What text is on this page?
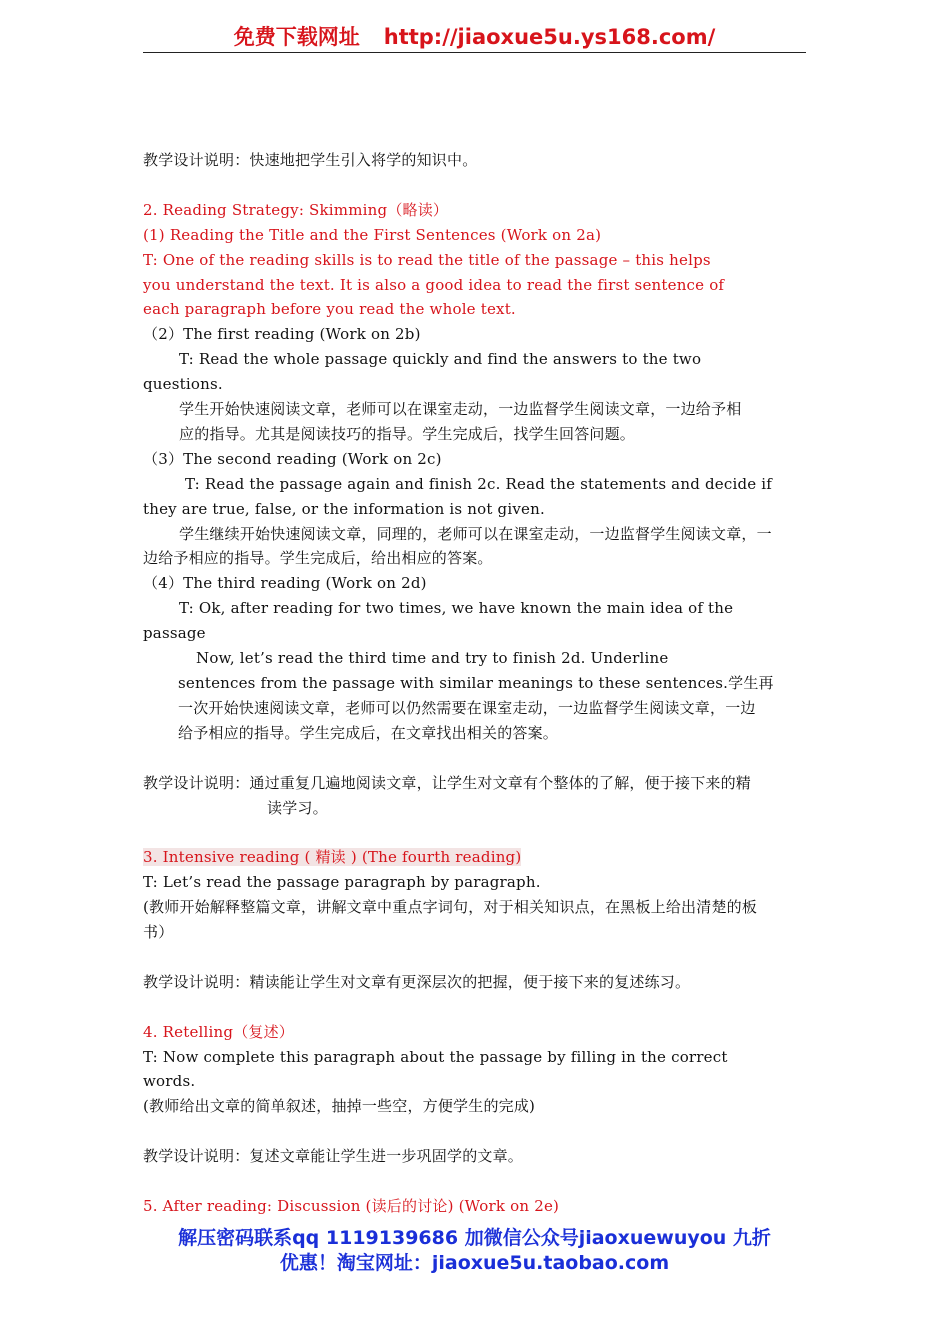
免费下载网址 http://jiaoxue5u.ys168.com/

教学设计说明：快速地把学生引入将学的知识中。

2. Reading Strategy: Skimming（略读）

(1) Reading the Title and the First Sentences (Work on 2a)

T: One of the reading skills is to read the title of the passage – this helps

you understand the text. It is also a good idea to read the first sentence of

each paragraph before you read the whole text.

（2）The first reading (Work on 2b)

T: Read the whole passage quickly and find the answers to the two

questions.

学生开始快速阅读文章，老师可以在课室走动，一边监督学生阅读文章，一边给予相

应的指导。尤其是阅读技巧的指导。学生完成后，找学生回答问题。

（3）The second reading (Work on 2c)

T: Read the passage again and finish 2c. Read the statements and decide if

they are true, false, or the information is not given.

学生继续开始快速阅读文章，同理的，老师可以在课室走动，一边监督学生阅读文章，一

边给予相应的指导。学生完成后，给出相应的答案。

（4）The third reading (Work on 2d)

T: Ok, after reading for two times, we have known the main idea of the

passage

Now, let’s read the third time and try to finish 2d. Underline

sentences from the passage with similar meanings to these sentences.学生再

一次开始快速阅读文章，老师可以仍然需要在课室走动，一边监督学生阅读文章，一边

给予相应的指导。学生完成后，在文章找出相关的答案。

教学设计说明：通过重复几遍地阅读文章，让学生对文章有个整体的了解，便于接下来的精

读学习。

3. Intensive reading ( 精读 ) (The fourth reading)

T: Let’s read the passage paragraph by paragraph.

(教师开始解释整篇文章，讲解文章中重点字词句，对于相关知识点，在黑板上给出清楚的板

书）

教学设计说明：精读能让学生对文章有更深层次的把握，便于接下来的复述练习。

4. Retelling（复述）

T: Now complete this paragraph about the passage by filling in the correct

words.

(教师给出文章的简单叙述，抽掉一些空，方便学生的完成)

教学设计说明：复述文章能让学生进一步巩固学的文章。

5. After reading: Discussion (读后的讨论) (Work on 2e)

解压密码联系qq 1119139686 加微信公众号jiaoxuewuyou 九折
优惠！淘宝网址：jiaoxue5u.taobao.com
